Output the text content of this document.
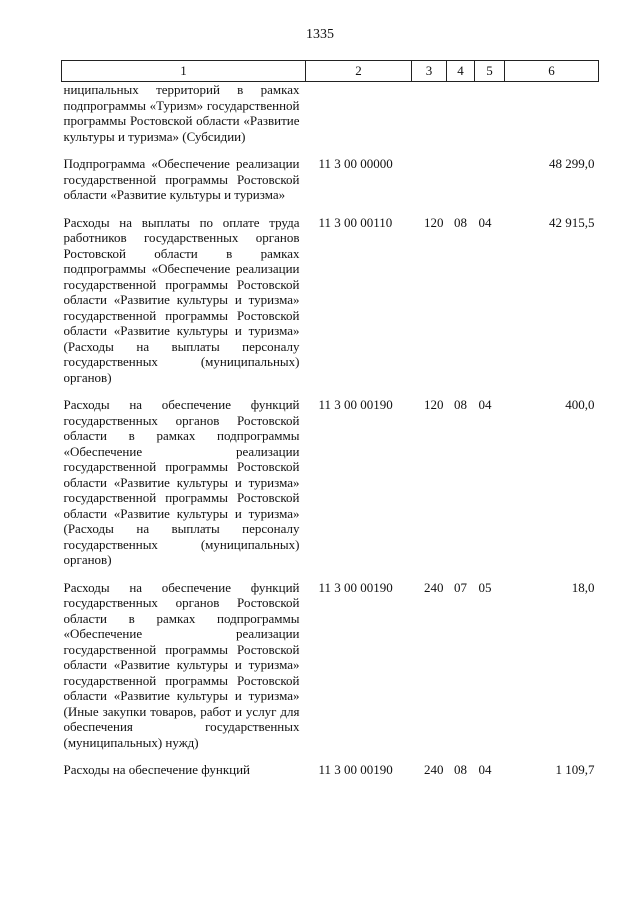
1335
1	2	3	4	5	6
ниципальных территорий в рамках подпрограммы «Туризм» государственной программы Ростовской области «Развитие культуры и туризма» (Субсидии)					
Подпрограмма «Обеспечение реализации государственной программы Ростовской области «Развитие культуры и туризма»	11 3 00 00000				48 299,0
Расходы на выплаты по оплате труда работников государственных органов Ростовской области в рамках подпрограммы «Обеспечение реализации государственной программы Ростовской области «Развитие культуры и туризма» государственной программы Ростовской области «Развитие культуры и туризма» (Расходы на выплаты персоналу государственных (муниципальных) органов)	11 3 00 00110	120	08	04	42 915,5
Расходы на обеспечение функций государственных органов Ростовской области в рамках подпрограммы «Обеспечение реализации государственной программы Ростовской области «Развитие культуры и туризма» государственной программы Ростовской области «Развитие культуры и туризма» (Расходы на выплаты персоналу государственных (муниципальных) органов)	11 3 00 00190	120	08	04	400,0
Расходы на обеспечение функций государственных органов Ростовской области в рамках подпрограммы «Обеспечение реализации государственной программы Ростовской области «Развитие культуры и туризма» государственной программы Ростовской области «Развитие культуры и туризма» (Иные закупки товаров, работ и услуг для обеспечения государственных (муниципальных) нужд)	11 3 00 00190	240	07	05	18,0
Расходы на обеспечение функций	11 3 00 00190	240	08	04	1 109,7
